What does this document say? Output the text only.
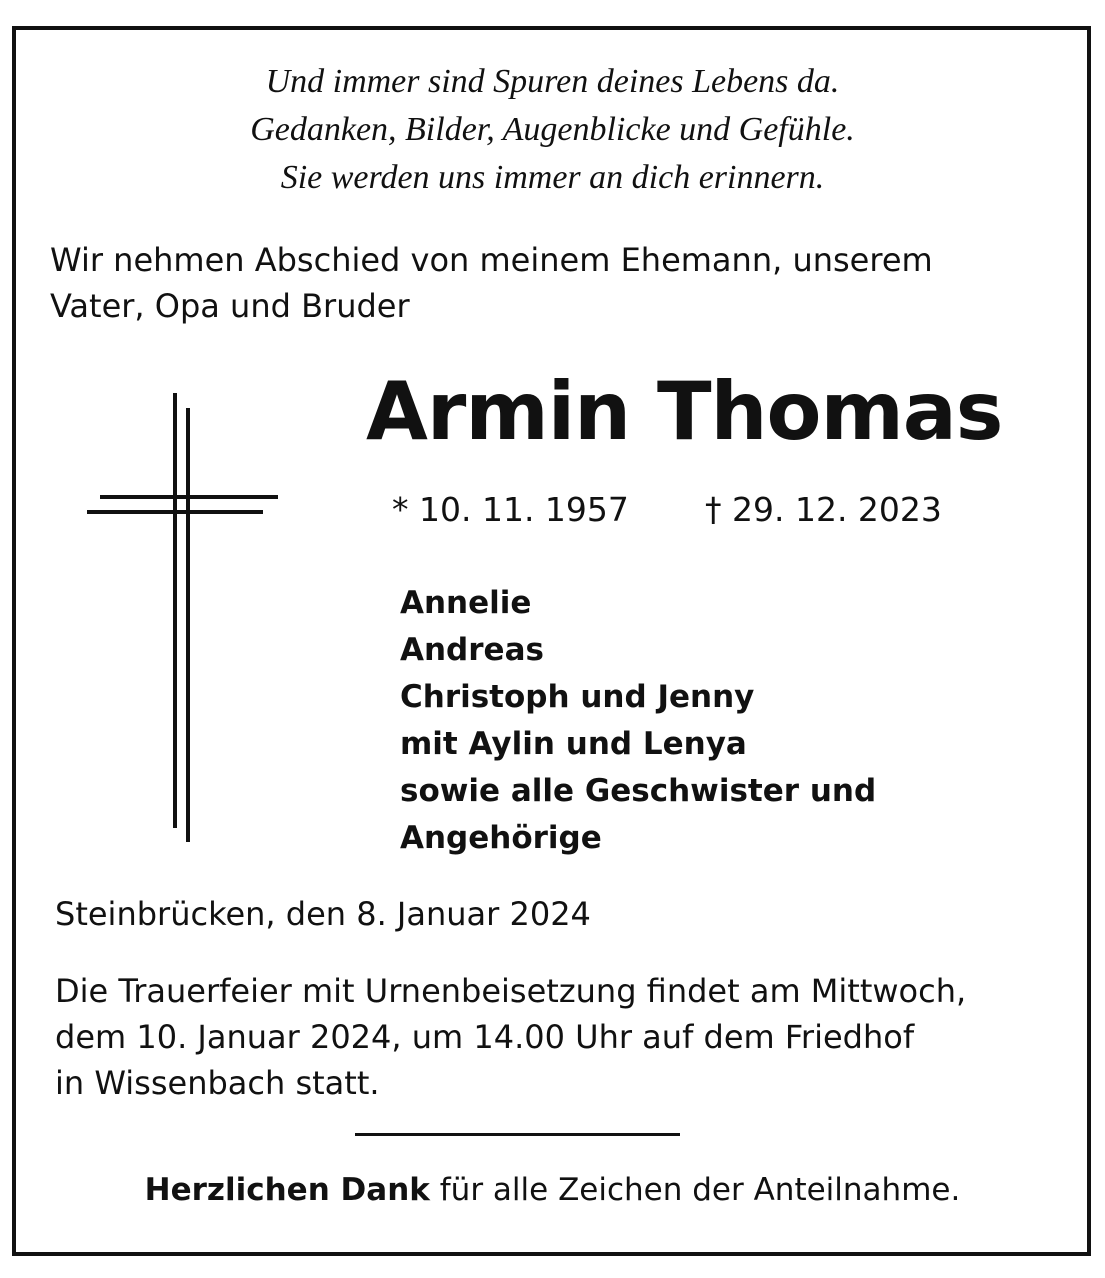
Und immer sind Spuren deines Lebens da.
Gedanken, Bilder, Augenblicke und Gefühle.
Sie werden uns immer an dich erinnern.
Wir nehmen Abschied von meinem Ehemann, unserem
Vater, Opa und Bruder
Armin Thomas
* 10. 11. 1957 † 29. 12. 2023
Annelie
Andreas
Christoph und Jenny
mit Aylin und Lenya
sowie alle Geschwister und
Angehörige
Steinbrücken, den 8. Januar 2024
Die Trauerfeier mit Urnenbeisetzung findet am Mittwoch,
dem 10. Januar 2024, um 14.00 Uhr auf dem Friedhof
in Wissenbach statt.
Herzlichen Dank für alle Zeichen der Anteilnahme.
